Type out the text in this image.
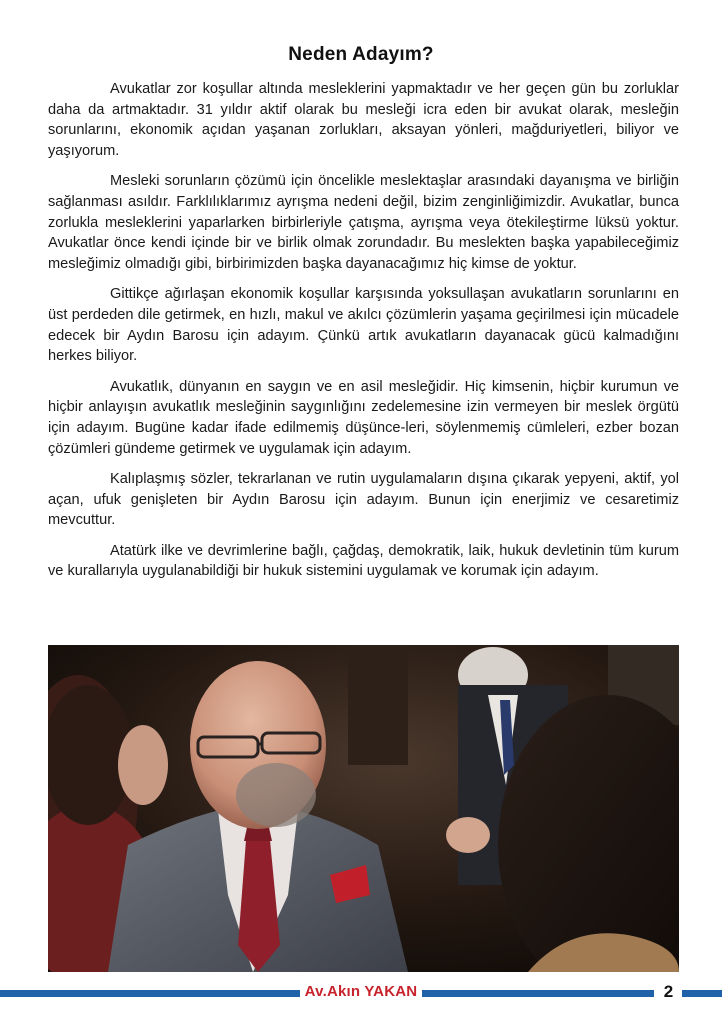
Neden Adayım?

Avukatlar zor koşullar altında mesleklerini yapmaktadır ve her geçen gün bu zorluklar daha da artmaktadır. 31 yıldır aktif olarak bu mesleği icra eden bir avukat olarak, mesleğin sorunlarını, ekonomik açıdan yaşanan zorlukları, aksayan yönleri, mağduriyetleri, biliyor ve yaşıyorum.

Mesleki sorunların çözümü için öncelikle meslektaşlar arasındaki dayanışma ve birliğin sağlanması asıldır. Farklılıklarımız ayrışma nedeni değil, bizim zenginliğimizdir. Avukatlar, bunca zorlukla mesleklerini yaparlarken birbirleriyle çatışma, ayrışma veya ötekileştirme lüksü yoktur. Avukatlar önce kendi içinde bir ve birlik olmak zorundadır. Bu meslekten başka yapabileceğimiz mesleğimiz olmadığı gibi, birbirimizden başka dayanacağımız hiç kimse de yoktur.

Gittikçe ağırlaşan ekonomik koşullar karşısında yoksullaşan avukatların sorunlarını en üst perdeden dile getirmek, en hızlı, makul ve akılcı çözümlerin yaşama geçirilmesi için mücadele edecek bir Aydın Barosu için adayım. Çünkü artık avukatların dayanacak gücü kalmadığını herkes biliyor.

Avukatlık, dünyanın en saygın ve en asil mesleğidir. Hiç kimsenin, hiçbir kurumun ve hiçbir anlayışın avukatlık mesleğinin saygınlığını zedelemesine izin vermeyen bir meslek örgütü için adayım. Bugüne kadar ifade edilmemiş düşünce-leri, söylenmemiş cümleleri, ezber bozan çözümleri gündeme getirmek ve uygulamak için adayım.

Kalıplaşmış sözler, tekrarlanan ve rutin uygulamaların dışına çıkarak yepyeni, aktif, yol açan, ufuk genişleten bir Aydın Barosu için adayım. Bunun için enerjimiz ve cesaretimiz mevcuttur.

Atatürk ilke ve devrimlerine bağlı, çağdaş, demokratik, laik, hukuk devletinin tüm kurum ve kurallarıyla uygulanabildiği bir hukuk sistemini uygulamak ve korumak için adayım.

Av.Akın YAKAN	2
